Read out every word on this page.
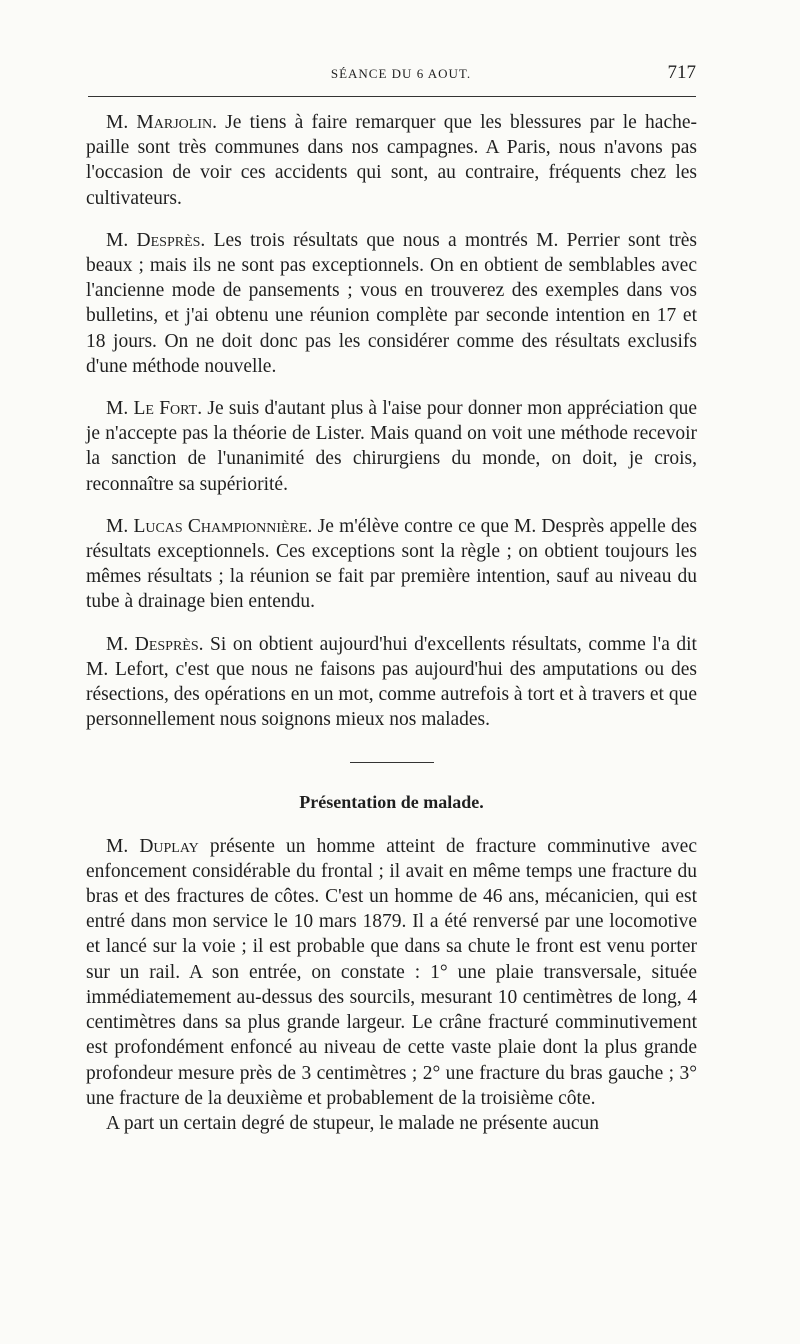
SÉANCE DU 6 AOUT.	717

M. Marjolin. Je tiens à faire remarquer que les blessures par le hache-paille sont très communes dans nos campagnes. A Paris, nous n'avons pas l'occasion de voir ces accidents qui sont, au contraire, fréquents chez les cultivateurs.

M. Desprès. Les trois résultats que nous a montrés M. Perrier sont très beaux ; mais ils ne sont pas exceptionnels. On en obtient de semblables avec l'ancienne mode de pansements ; vous en trouverez des exemples dans vos bulletins, et j'ai obtenu une réunion complète par seconde intention en 17 et 18 jours. On ne doit donc pas les considérer comme des résultats exclusifs d'une méthode nouvelle.

M. Le Fort. Je suis d'autant plus à l'aise pour donner mon appréciation que je n'accepte pas la théorie de Lister. Mais quand on voit une méthode recevoir la sanction de l'unanimité des chirurgiens du monde, on doit, je crois, reconnaître sa supériorité.

M. Lucas Championnière. Je m'élève contre ce que M. Desprès appelle des résultats exceptionnels. Ces exceptions sont la règle ; on obtient toujours les mêmes résultats ; la réunion se fait par première intention, sauf au niveau du tube à drainage bien entendu.

M. Desprès. Si on obtient aujourd'hui d'excellents résultats, comme l'a dit M. Lefort, c'est que nous ne faisons pas aujourd'hui des amputations ou des résections, des opérations en un mot, comme autrefois à tort et à travers et que personnellement nous soignons mieux nos malades.

Présentation de malade.

M. Duplay présente un homme atteint de fracture comminutive avec enfoncement considérable du frontal ; il avait en même temps une fracture du bras et des fractures de côtes. C'est un homme de 46 ans, mécanicien, qui est entré dans mon service le 10 mars 1879. Il a été renversé par une locomotive et lancé sur la voie ; il est probable que dans sa chute le front est venu porter sur un rail. A son entrée, on constate : 1° une plaie transversale, située immédiatemement au-dessus des sourcils, mesurant 10 centimètres de long, 4 centimètres dans sa plus grande largeur. Le crâne fracturé comminutivement est profondément enfoncé au niveau de cette vaste plaie dont la plus grande profondeur mesure près de 3 centimètres ; 2° une fracture du bras gauche ; 3° une fracture de la deuxième et probablement de la troisième côte.

A part un certain degré de stupeur, le malade ne présente aucun
